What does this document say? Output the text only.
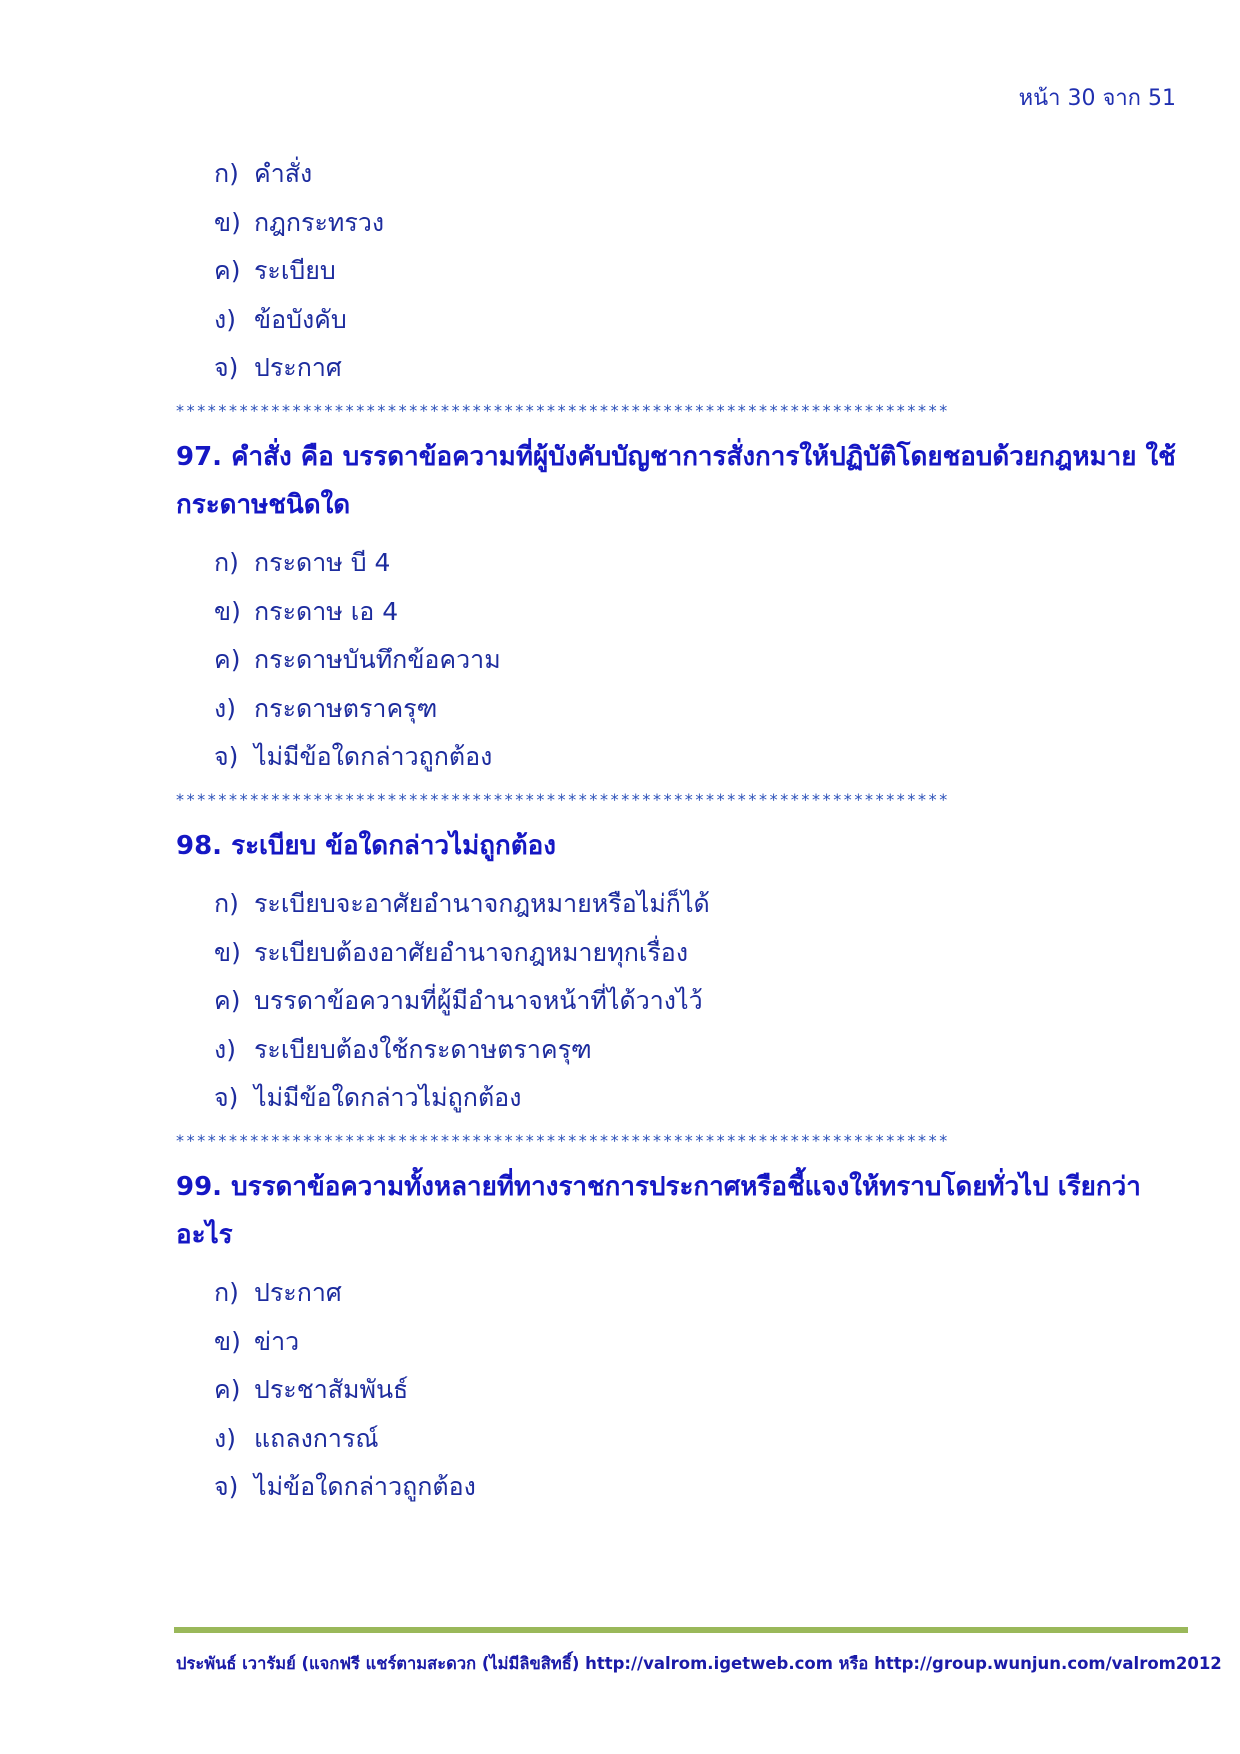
หน้า 30 จาก 51
ก) คำสั่ง
ข) กฎกระทรวง
ค) ระเบียบ
ง) ข้อบังคับ
จ) ประกาศ
*************************************************************************
97. คำสั่ง คือ บรรดาข้อความที่ผู้บังคับบัญชาการสั่งการให้ปฏิบัติโดยชอบด้วยกฎหมาย ใช้กระดาษชนิดใด
ก) กระดาษ บี 4
ข) กระดาษ เอ 4
ค) กระดาษบันทึกข้อความ
ง) กระดาษตราครุฑ
จ) ไม่มีข้อใดกล่าวถูกต้อง
*************************************************************************
98. ระเบียบ ข้อใดกล่าวไม่ถูกต้อง
ก) ระเบียบจะอาศัยอำนาจกฎหมายหรือไม่ก็ได้
ข) ระเบียบต้องอาศัยอำนาจกฎหมายทุกเรื่อง
ค) บรรดาข้อความที่ผู้มีอำนาจหน้าที่ได้วางไว้
ง) ระเบียบต้องใช้กระดาษตราครุฑ
จ) ไม่มีข้อใดกล่าวไม่ถูกต้อง
*************************************************************************
99. บรรดาข้อความทั้งหลายที่ทางราชการประกาศหรือชี้แจงให้ทราบโดยทั่วไป เรียกว่าอะไร
ก) ประกาศ
ข) ข่าว
ค) ประชาสัมพันธ์
ง) แถลงการณ์
จ) ไม่ข้อใดกล่าวถูกต้อง
ประพันธ์ เวารัมย์ (แจกฟรี แชร์ตามสะดวก (ไม่มีลิขสิทธิ์) http://valrom.igetweb.com หรือ http://group.wunjun.com/valrom2012
